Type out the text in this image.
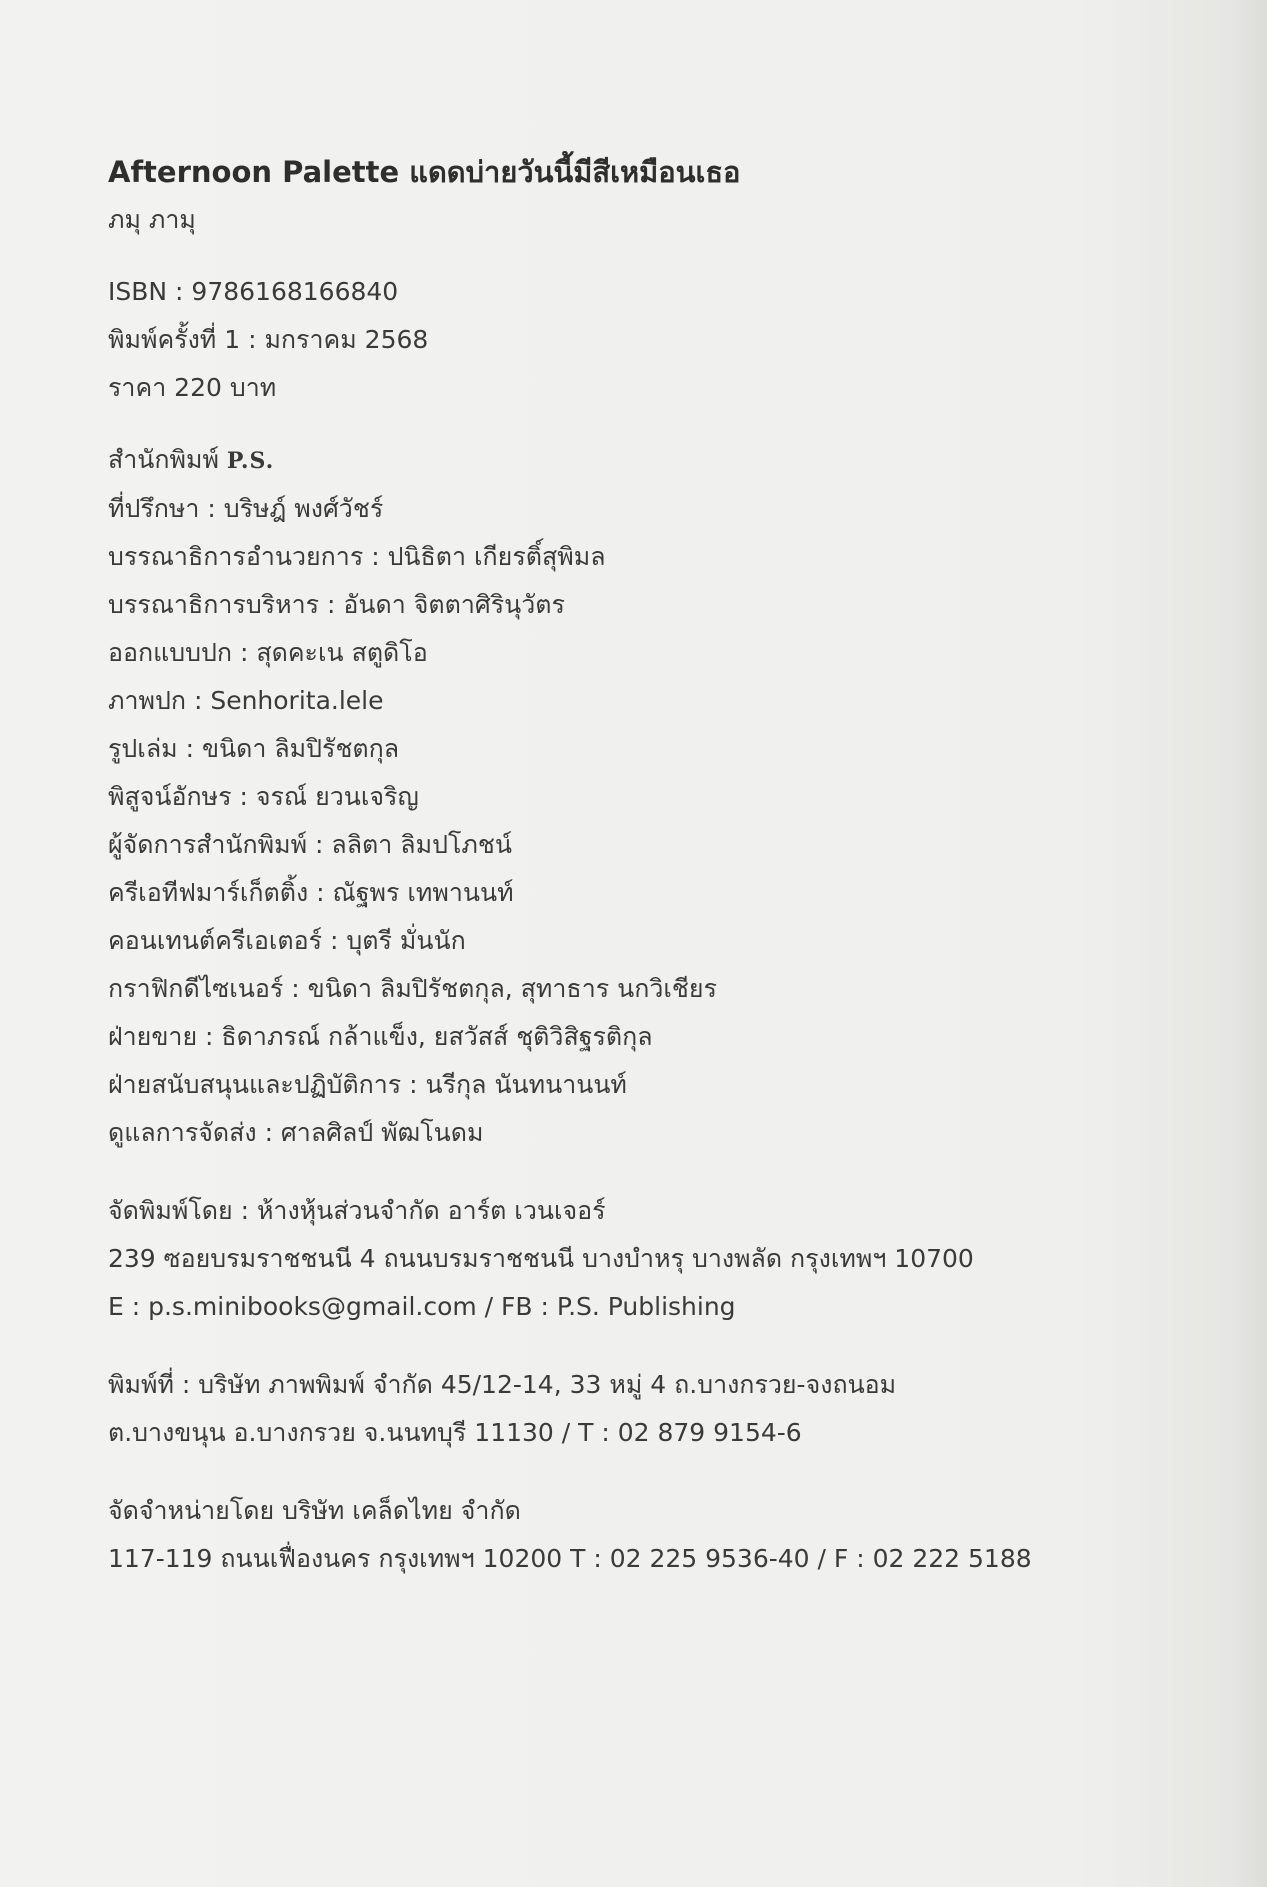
Afternoon Palette แดดบ่ายวันนี้มีสีเหมือนเธอ
ภมุ ภามุ
ISBN : 9786168166840
พิมพ์ครั้งที่ 1 : มกราคม 2568
ราคา 220 บาท
สำนักพิมพ์ P.S.
ที่ปรึกษา : บริษฎ์ พงศ์วัชร์
บรรณาธิการอำนวยการ : ปนิธิตา เกียรติ์สุพิมล
บรรณาธิการบริหาร : อันดา จิตตาศิรินุวัตร
ออกแบบปก : สุดคะเน สตูดิโอ
ภาพปก : Senhorita.lele
รูปเล่ม : ขนิดา ลิมปิรัชตกุล
พิสูจน์อักษร : จรณ์ ยวนเจริญ
ผู้จัดการสำนักพิมพ์ : ลลิตา ลิมปโภชน์
ครีเอทีฟมาร์เก็ตติ้ง : ณัฐพร เทพานนท์
คอนเทนต์ครีเอเตอร์ : บุตรี มั่นนัก
กราฟิกดีไซเนอร์ : ขนิดา ลิมปิรัชตกุล, สุทาธาร นกวิเชียร
ฝ่ายขาย : ธิดาภรณ์ กล้าแข็ง, ยสวัสส์ ชุติวิสิฐรติกุล
ฝ่ายสนับสนุนและปฏิบัติการ : นรีกุล นันทนานนท์
ดูแลการจัดส่ง : ศาลศิลป์ พัฒโนดม
จัดพิมพ์โดย : ห้างหุ้นส่วนจำกัด อาร์ต เวนเจอร์
239 ซอยบรมราชชนนี 4 ถนนบรมราชชนนี บางบำหรุ บางพลัด กรุงเทพฯ 10700
E : p.s.minibooks@gmail.com / FB : P.S. Publishing
พิมพ์ที่ : บริษัท ภาพพิมพ์ จำกัด 45/12-14, 33 หมู่ 4 ถ.บางกรวย-จงถนอม
ต.บางขนุน อ.บางกรวย จ.นนทบุรี 11130 / T : 02 879 9154-6
จัดจำหน่ายโดย บริษัท เคล็ดไทย จำกัด
117-119 ถนนเฟื่องนคร กรุงเทพฯ 10200 T : 02 225 9536-40 / F : 02 222 5188
